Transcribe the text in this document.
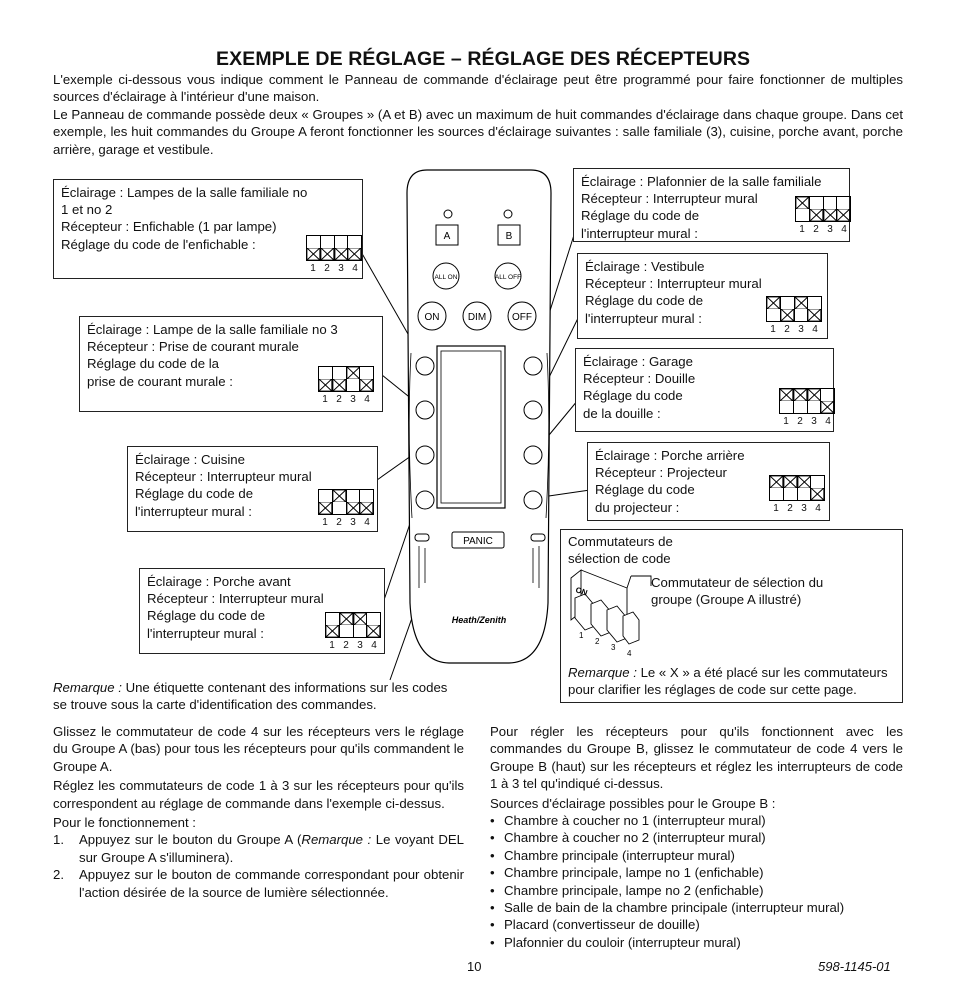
EXEMPLE DE RÉGLAGE – RÉGLAGE DES RÉCEPTEURS
L'exemple ci-dessous vous indique comment le Panneau de commande d'éclairage peut être programmé pour faire fonctionner de multiples sources d'éclairage à l'intérieur d'une maison.
Le Panneau de commande possède deux « Groupes » (A et B) avec un maximum de huit commandes d'éclairage dans chaque groupe. Dans cet exemple, les huit commandes du Groupe A feront fonctionner les sources d'éclairage suivantes : salle familiale (3), cuisine, porche avant, porche arrière, garage et vestibule.
A	B
ALL ON	ALL OFF
ON	DIM	OFF
PANIC
Heath/Zenith
Éclairage : Lampes de la salle familiale no
1 et no 2
Récepteur : Enfichable (1 par lampe)
Réglage du code de l'enfichable :
1 2 3 4
Éclairage : Lampe de la salle familiale no 3
Récepteur : Prise de courant murale
Réglage du code de la
prise de courant murale :
1 2 3 4
Éclairage : Cuisine
Récepteur : Interrupteur mural
Réglage du code de
l'interrupteur mural :
1 2 3 4
Éclairage : Porche avant
Récepteur : Interrupteur mural
Réglage du code de
l'interrupteur mural :
1 2 3 4
Éclairage : Plafonnier de la salle familiale
Récepteur : Interrupteur mural
Réglage du code de
l'interrupteur mural :	1 2 3 4
Éclairage : Vestibule
Récepteur : Interrupteur mural
Réglage du code de
l'interrupteur mural :
1 2 3 4
Éclairage : Garage
Récepteur : Douille
Réglage du code
de la douille :
1 2 3 4
Éclairage : Porche arrière
Récepteur : Projecteur
Réglage du code
du projecteur :	1 2 3 4
Commutateurs de
sélection de code
Commutateur de sélection du
groupe (Groupe A illustré)
ON
1
2
3
4
Remarque : Le « X » a été placé sur les commutateurs
pour clarifier les réglages de code sur cette page.
Remarque : Une étiquette contenant des informations sur les codes
se trouve sous la carte d'identification des commandes.

Glissez le commutateur de code 4 sur les récepteurs vers le réglage du Groupe A (bas) pour tous les récepteurs pour qu'ils commandent le Groupe A.

Réglez les commutateurs de code 1 à 3 sur les récepteurs pour qu'ils correspondent au réglage de commande dans l'exemple ci-dessus.

Pour le fonctionnement :

1.	Appuyez sur le bouton du Groupe A (Remarque : Le voyant DEL sur Groupe A s'illuminera).
2.	Appuyez sur le bouton de commande correspondant pour obtenir l'action désirée de la source de lumière sélectionnée.

Pour régler les récepteurs pour qu'ils fonctionnent avec les commandes du Groupe B, glissez le commutateur de code 4 vers le Groupe B (haut) sur les récepteurs et réglez les interrupteurs de code 1 à 3 tel qu'indiqué ci-dessus.

Sources d'éclairage possibles pour le Groupe B :

• Chambre à coucher no 1 (interrupteur mural)
• Chambre à coucher no 2 (interrupteur mural)
• Chambre principale (interrupteur mural)
• Chambre principale, lampe no 1 (enfichable)
• Chambre principale, lampe no 2 (enfichable)
• Salle de bain de la chambre principale (interrupteur mural)
• Placard (convertisseur de douille)
• Plafonnier du couloir (interrupteur mural)
10	598-1145-01
